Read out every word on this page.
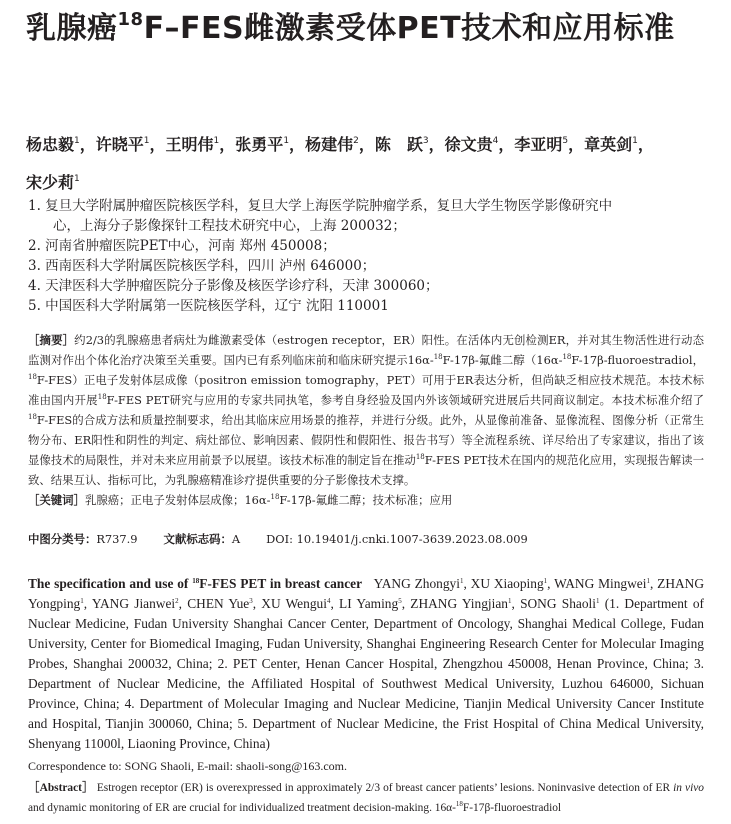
乳腺癌$^{18}$F–FES雌激素受体PET技术和应用标准
杨忠毅$^1$，许晓平$^1$，王明伟$^1$，张勇平$^1$，杨建伟$^2$，陈　跃$^3$，徐文贵$^4$，李亚明$^5$，章英剑$^1$，
宋少莉$^1$
1. 复旦大学附属肿瘤医院核医学科，复旦大学上海医学院肿瘤学系，复旦大学生物医学影像研究中
心，上海分子影像探针工程技术研究中心，上海 200032；
2. 河南省肿瘤医院PET中心，河南 郑州 450008；
3. 西南医科大学附属医院核医学科，四川 泸州 646000；
4. 天津医科大学肿瘤医院分子影像及核医学诊疗科，天津 300060；
5. 中国医科大学附属第一医院核医学科，辽宁 沈阳 110001
［摘要］约2/3的乳腺癌患者病灶为雌激素受体（estrogen receptor，ER）阳性。在活体内无创检测ER，并对其生物活性进行动态监测对作出个体化治疗决策至关重要。国内已有系列临床前和临床研究提示16α-$^{18}$F-17β-氟雌二醇（16α-$^{18}$F-17β-fluoroestradiol，$^{18}$F-FES）正电子发射体层成像（positron emission tomography，PET）可用于ER表达分析，但尚缺乏相应技术规范。本技术标准由国内开展$^{18}$F-FES PET研究与应用的专家共同执笔，参考自身经验及国内外该领域研究进展后共同商议制定。本技术标准介绍了$^{18}$F-FES的合成方法和质量控制要求，给出其临床应用场景的推荐，并进行分级。此外，从显像前准备、显像流程、图像分析（正常生物分布、ER阳性和阴性的判定、病灶部位、影响因素、假阴性和假阳性、报告书写）等全流程系统、详尽给出了专家建议，指出了该显像技术的局限性，并对未来应用前景予以展望。该技术标准的制定旨在推动$^{18}$F-FES PET技术在国内的规范化应用，实现报告解读一致、结果互认、指标可比，为乳腺癌精准诊疗提供重要的分子影像技术支撑。
［关键词］乳腺癌；正电子发射体层成像；16α-$^{18}$F-17β-氟雌二醇；技术标准；应用
中图分类号：R737.9 文献标志码：A DOI: 10.19401/j.cnki.1007-3639.2023.08.009
The specification and use of $^{18}$F-FES PET in breast cancer YANG Zhongyi$^1$, XU Xiaoping$^1$, WANG Mingwei$^1$, ZHANG Yongping$^1$, YANG Jianwei$^2$, CHEN Yue$^3$, XU Wengui$^4$, LI Yaming$^5$, ZHANG Yingjian$^1$, SONG Shaoli$^1$ (1. Department of Nuclear Medicine, Fudan University Shanghai Cancer Center, Department of Oncology, Shanghai Medical College, Fudan University, Center for Biomedical Imaging, Fudan University, Shanghai Engineering Research Center for Molecular Imaging Probes, Shanghai 200032, China; 2. PET Center, Henan Cancer Hospital, Zhengzhou 450008, Henan Province, China; 3. Department of Nuclear Medicine, the Affiliated Hospital of Southwest Medical University, Luzhou 646000, Sichuan Province, China; 4. Department of Molecular Imaging and Nuclear Medicine, Tianjin Medical University Cancer Institute and Hospital, Tianjin 300060, China; 5. Department of Nuclear Medicine, the Frist Hospital of China Medical University, Shenyang 11000l, Liaoning Province, China)
Correspondence to: SONG Shaoli, E-mail: shaoli-song@163.com.
［Abstract］ Estrogen receptor (ER) is overexpressed in approximately 2/3 of breast cancer patients’ lesions. Noninvasive detection of ER in vivo and dynamic monitoring of ER are crucial for individualized treatment decision-making. 16α-$^{18}$F-17β-fluoroestradiol
